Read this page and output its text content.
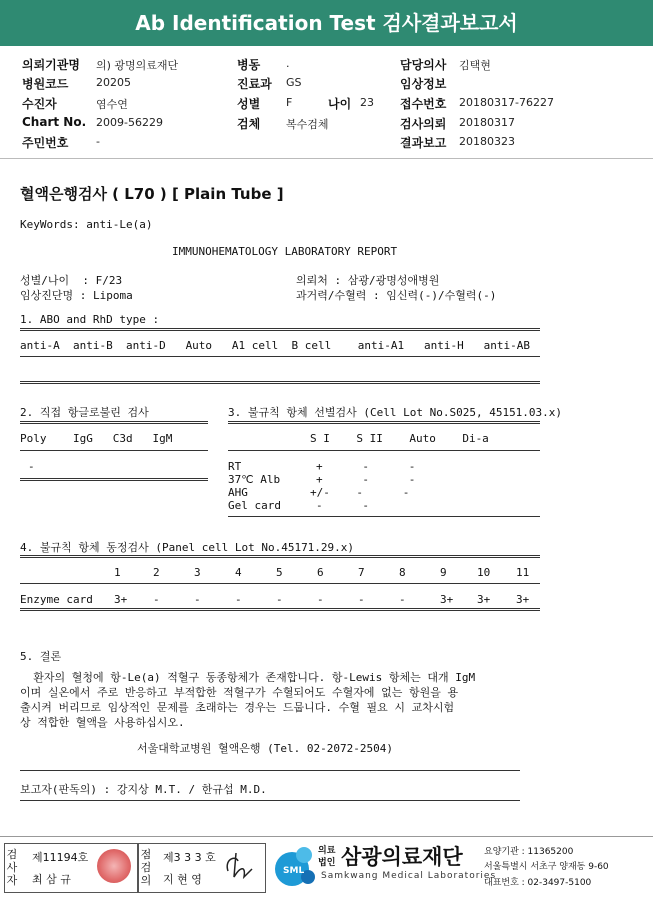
Ab Identification Test 검사결과보고서
의뢰기관명 의) 광명의료재단	병동 .	담당의사 김택현
병원코드	20205	진료과 GS	임상정보
수진자	염수연	성별 F	나이 23 접수번호 20180317-76227
Chart No. 2009-56229	검체 복수검체	검사의뢰 20180317
주민번호	-	결과보고 20180323
혈액은행검사 ( L70 ) [ Plain Tube ]
KeyWords: anti-Le(a)
IMMUNOHEMATOLOGY LABORATORY REPORT
성별/나이  : F/23	의뢰처 : 삼광/광명성애병원
임상진단명 : Lipoma	과거력/수혈력 : 임신력(-)/수혈력(-)
1. ABO and RhD type :
anti-A  anti-B  anti-D   Auto   A1 cell  B cell    anti-A1   anti-H   anti-AB
2. 직접 항글로불린 검사
Poly    IgG   C3d   IgM
-
3. 불규칙 항체 선별검사 (Cell Lot No.S025, 45151.03.x)
S I    S II    Auto    Di-a
RT	+      -      -
37℃ Alb	+      -      -
AHG	+/-    -      -
Gel card	-      -
4. 불규칙 항체 동정검사 (Panel cell Lot No.45171.29.x)
1	2	3	4	5	6	7	8	9	10 11
Enzyme card 3+ -	-	-	-	-	-	-	3+ 3+ 3+
5. 결론
환자의 혈청에 항-Le(a) 적혈구 동종항체가 존재합니다. 항-Lewis 항체는 대개 IgM
이며 실온에서 주로 반응하고 부적합한 적혈구가 수혈되어도 수혈자에 없는 항원을 용
출시켜 버리므로 임상적인 문제를 초래하는 경우는 드뭅니다. 수혈 필요 시 교차시험
상 적합한 혈액을 사용하십시오.
서울대학교병원 혈액은행 (Tel. 02-2072-2504)
보고자(판독의) : 강지상 M.T. / 한규섭 M.D.
검사자
제11194호
최 삼 규
점검의
제3 3 3 호
지 현 영
SML
의료
법인 삼광의료재단
Samkwang Medical Laboratories
요양기관 : 11365200
서울특별시 서초구 양재동 9-60
대표번호 : 02-3497-5100
